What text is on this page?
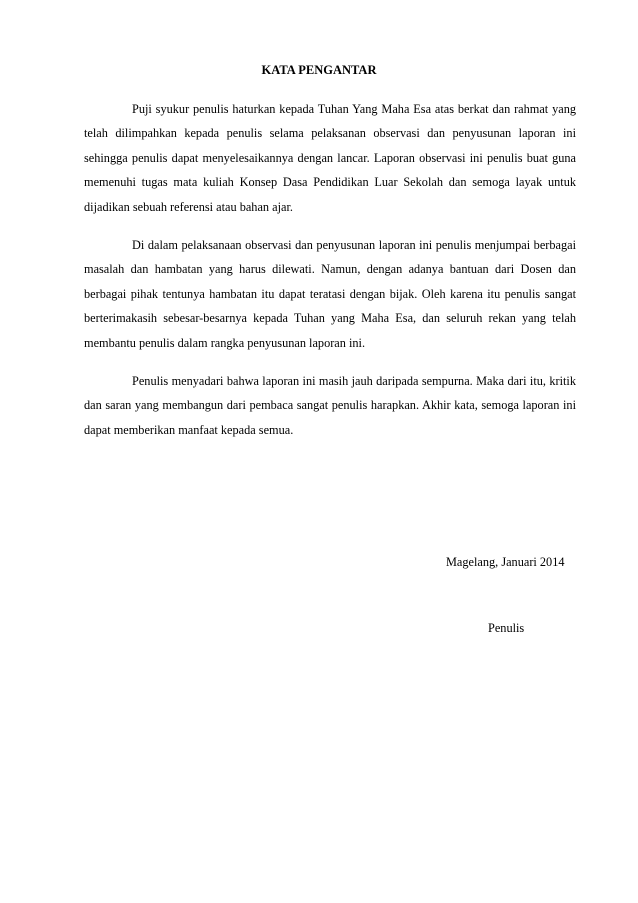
KATA PENGANTAR

Puji syukur penulis haturkan kepada Tuhan Yang Maha Esa atas berkat dan rahmat yang telah dilimpahkan kepada penulis selama pelaksanan observasi dan penyusunan laporan ini sehingga penulis dapat menyelesaikannya dengan lancar. Laporan observasi ini penulis buat guna memenuhi tugas mata kuliah Konsep Dasa Pendidikan Luar Sekolah dan semoga layak untuk dijadikan sebuah referensi atau bahan ajar.

Di dalam pelaksanaan observasi dan penyusunan laporan ini penulis menjumpai berbagai masalah dan hambatan yang harus dilewati. Namun, dengan adanya bantuan dari Dosen dan berbagai pihak tentunya hambatan itu dapat teratasi dengan bijak. Oleh karena itu penulis sangat berterimakasih sebesar-besarnya kepada Tuhan yang Maha Esa, dan seluruh rekan yang telah membantu penulis dalam rangka penyusunan laporan ini.

Penulis menyadari bahwa laporan ini masih jauh daripada sempurna. Maka dari itu, kritik dan saran yang membangun dari pembaca sangat penulis harapkan. Akhir kata, semoga laporan ini dapat memberikan manfaat kepada semua.

Magelang, Januari 2014
Penulis
